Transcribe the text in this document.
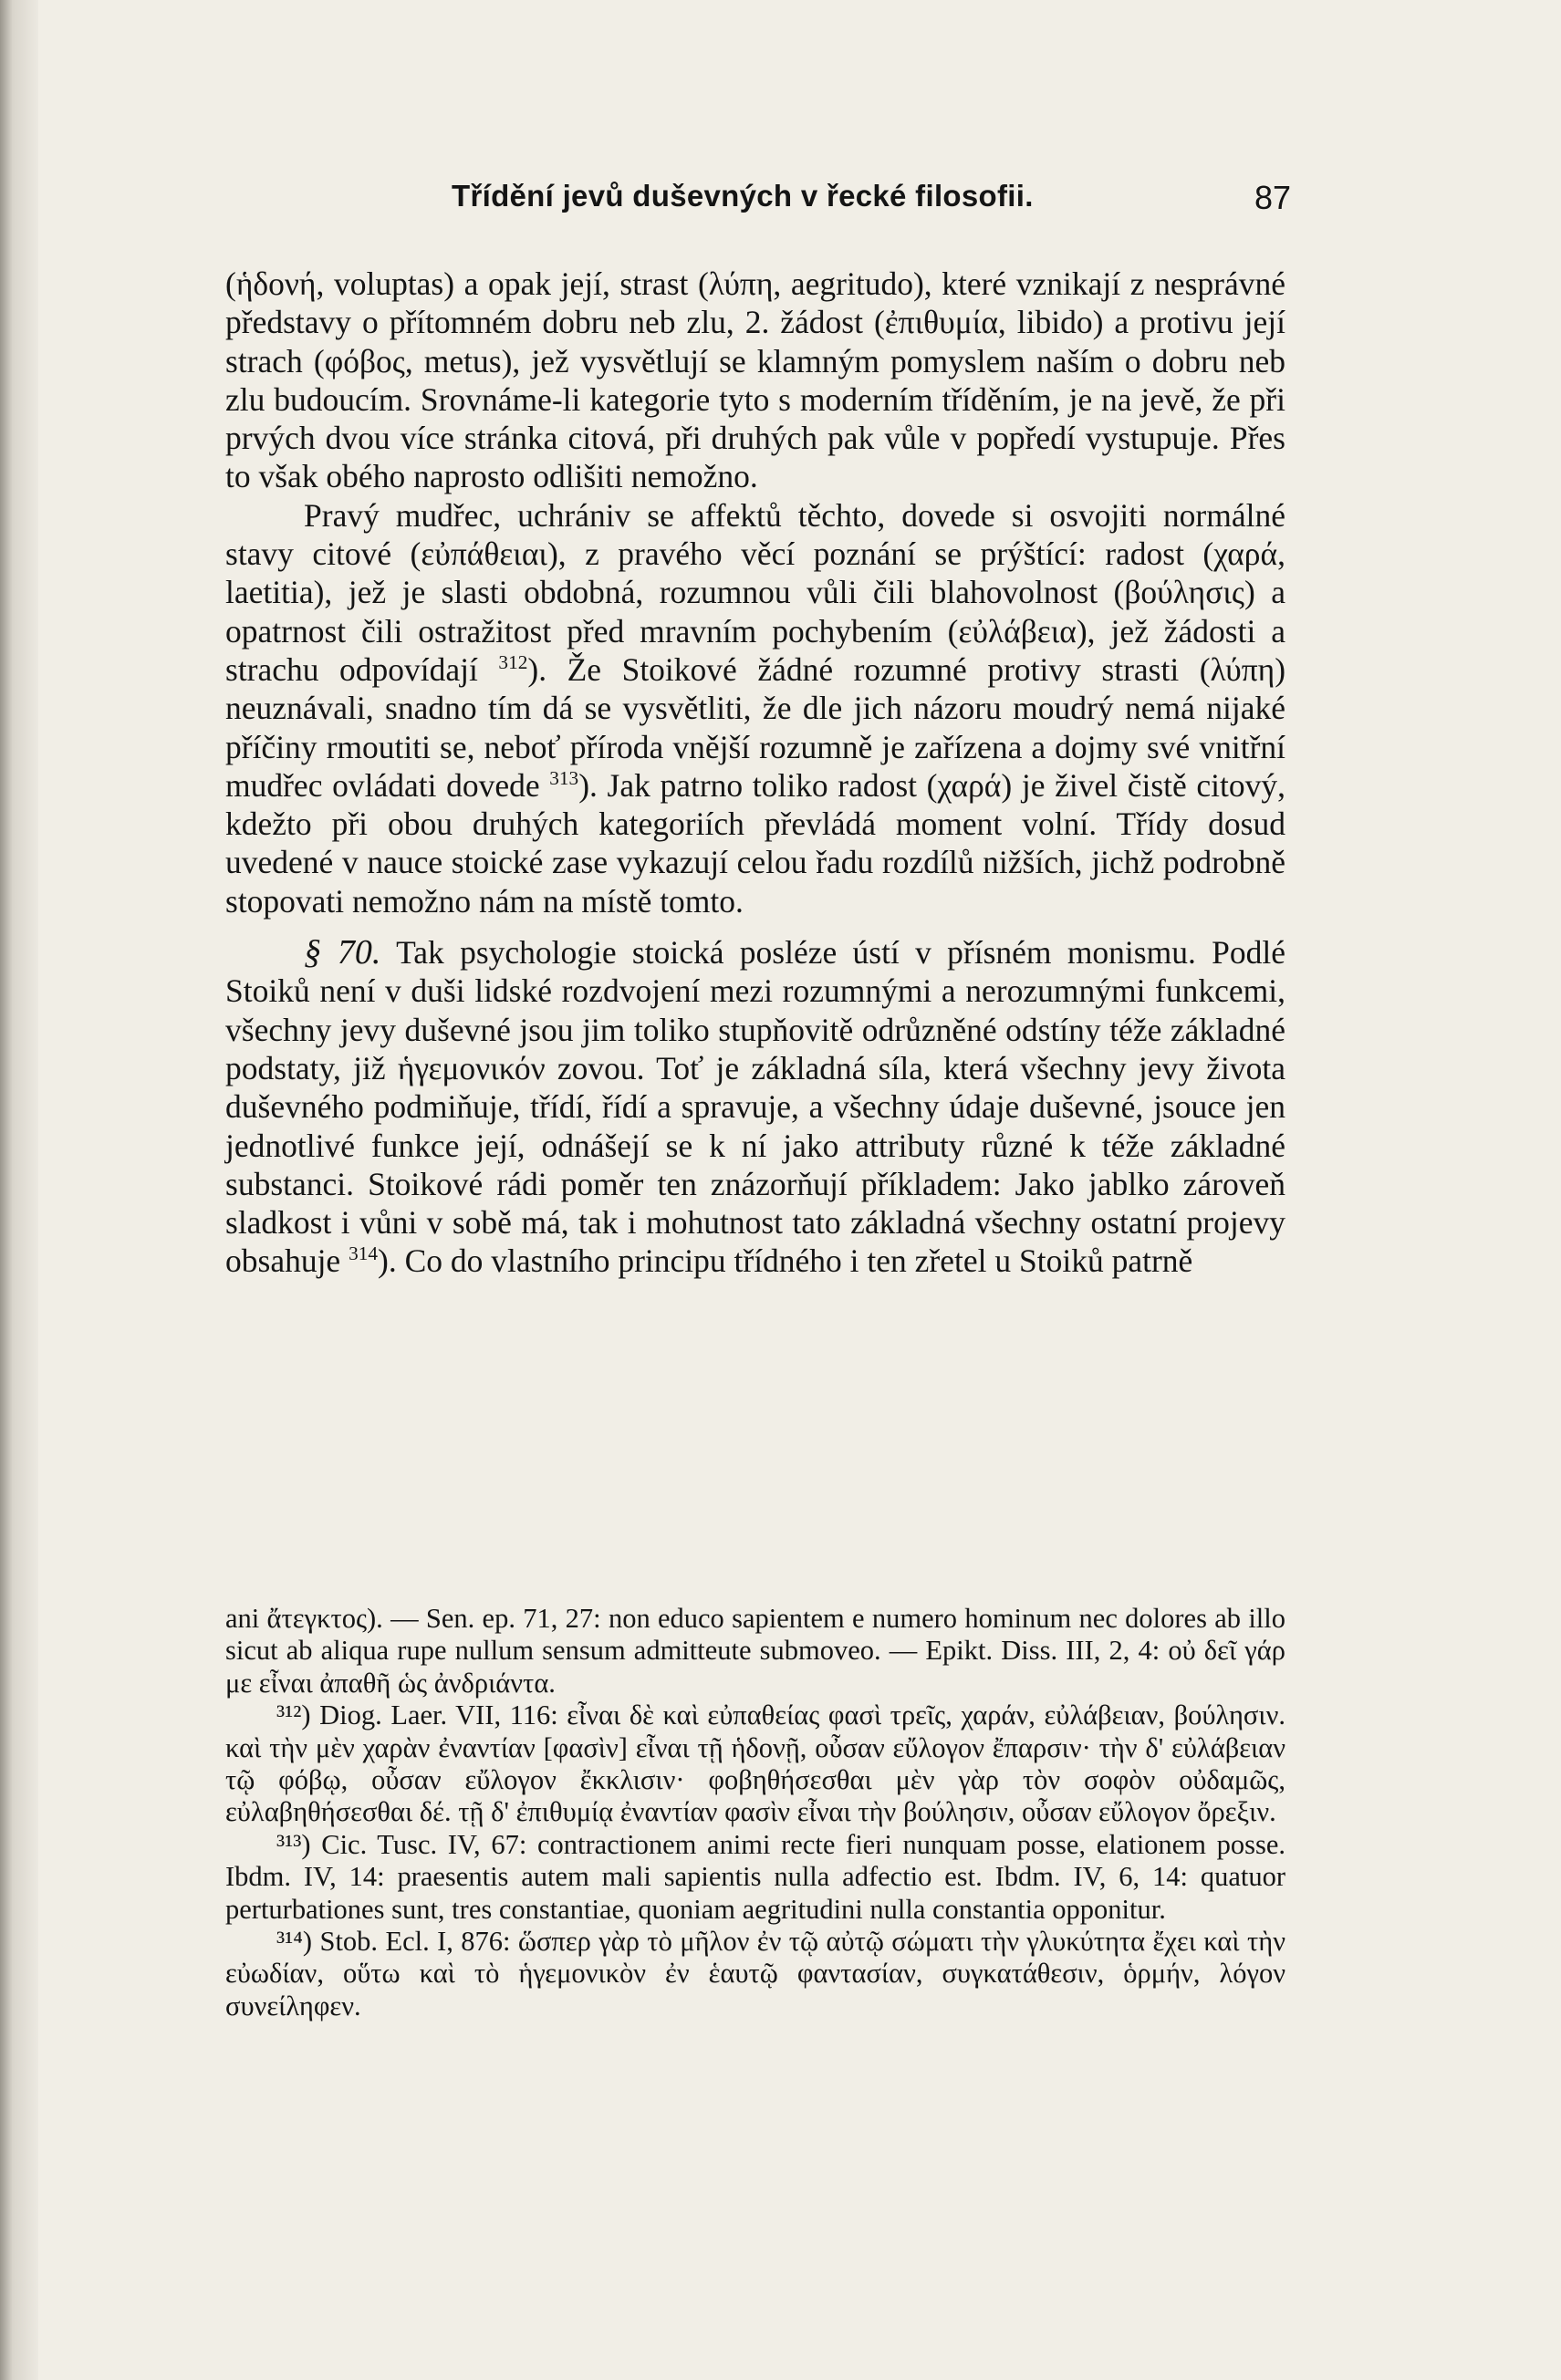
Třídění jevů duševných v řecké filosofii.	87

(ἡδονή, voluptas) a opak její, strast (λύπη, aegritudo), které vznikají z nesprávné představy o přítomném dobru neb zlu, 2. žádost (ἐπιθυμία, libido) a protivu její strach (φόβος, metus), jež vysvětlují se klamným pomyslem naším o dobru neb zlu budoucím. Srovnáme-li kategorie tyto s moderním tříděním, je na jevě, že při prvých dvou více stránka citová, při druhých pak vůle v popředí vystupuje. Přes to však obého naprosto odlišiti nemožno.

Pravý mudřec, uchrániv se affektů těchto, dovede si osvojiti normálné stavy citové (εὐπάθειαι), z pravého věcí poznání se prýštící: radost (χαρά, laetitia), jež je slasti obdobná, rozumnou vůli čili blahovolnost (βούλησις) a opatrnost čili ostražitost před mravním pochybením (εὐλάβεια), jež žádosti a strachu odpovídají $^{312}$). Že Stoikové žádné rozumné protivy strasti (λύπη) neuznávali, snadno tím dá se vysvětliti, že dle jich názoru moudrý nemá nijaké příčiny rmoutiti se, neboť příroda vnější rozumně je zařízena a dojmy své vnitřní mudřec ovládati dovede $^{313}$). Jak patrno toliko radost (χαρά) je živel čistě citový, kdežto při obou druhých kategoriích převládá moment volní. Třídy dosud uvedené v nauce stoické zase vykazují celou řadu rozdílů nižších, jichž podrobně stopovati nemožno nám na místě tomto.

§ 70. Tak psychologie stoická posléze ústí v přísném monismu. Podlé Stoiků není v duši lidské rozdvojení mezi rozumnými a nerozumnými funkcemi, všechny jevy duševné jsou jim toliko stupňovitě odrůzněné odstíny téže základné podstaty, již ἡγεμονικόν zovou. Toť je základná síla, která všechny jevy života duševného podmiňuje, třídí, řídí a spravuje, a všechny údaje duševné, jsouce jen jednotlivé funkce její, odnášejí se k ní jako attributy různé k téže základné substanci. Stoikové rádi poměr ten znázorňují příkladem: Jako jablko zároveň sladkost i vůni v sobě má, tak i mohutnost tato základná všechny ostatní projevy obsahuje $^{314}$). Co do vlastního principu třídného i ten zřetel u Stoiků patrně

ani ἄτεγκτος). — Sen. ep. 71, 27: non educo sapientem e numero hominum nec dolores ab illo sicut ab aliqua rupe nullum sensum admitteute submoveo. — Epikt. Diss. III, 2, 4: οὐ δεῖ γάρ με εἶναι ἀπαθῆ ὡς ἀνδριάντα.

³¹²) Diog. Laer. VII, 116: εἶναι δὲ καὶ εὐπαθείας φασὶ τρεῖς, χαράν, εὐλάβειαν, βούλησιν. καὶ τὴν μὲν χαρὰν ἐναντίαν [φασὶν] εἶναι τῇ ἡδονῇ, οὖσαν εὔλογον ἔπαρσιν· τὴν δ' εὐλάβειαν τῷ φόβῳ, οὖσαν εὔλογον ἔκκλισιν· φοβηθήσεσθαι μὲν γὰρ τὸν σοφὸν οὐδαμῶς, εὐλαβηθήσεσθαι δέ. τῇ δ' ἐπιθυμίᾳ ἐναντίαν φασὶν εἶναι τὴν βούλησιν, οὖσαν εὔλογον ὄρεξιν.

³¹³) Cic. Tusc. IV, 67: contractionem animi recte fieri nunquam posse, elationem posse. Ibdm. IV, 14: praesentis autem mali sapientis nulla adfectio est. Ibdm. IV, 6, 14: quatuor perturbationes sunt, tres constantiae, quoniam aegritudini nulla constantia opponitur.

³¹⁴) Stob. Ecl. I, 876: ὥσπερ γὰρ τὸ μῆλον ἐν τῷ αὐτῷ σώματι τὴν γλυκύτητα ἔχει καὶ τὴν εὐωδίαν, οὕτω καὶ τὸ ἡγεμονικὸν ἐν ἑαυτῷ φαντασίαν, συγκατάθεσιν, ὁρμήν, λόγον συνείληφεν.
